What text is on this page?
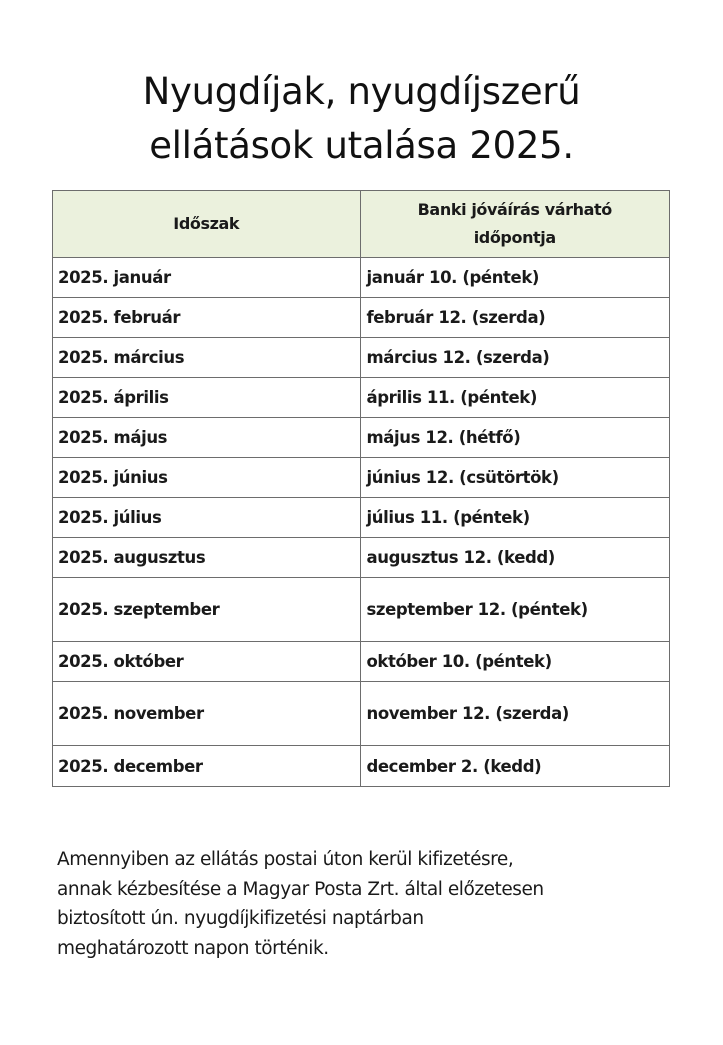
Nyugdíjak, nyugdíjszerű
ellátások utalása 2025.
Időszak	Banki jóváírás várható
időpontja

2025. január	január 10. (péntek)
2025. február	február 12. (szerda)
2025. március	március 12. (szerda)
2025. április	április 11. (péntek)
2025. május	május 12. (hétfő)
2025. június	június 12. (csütörtök)
2025. július	július 11. (péntek)
2025. augusztus	augusztus 12. (kedd)
2025. szeptember	szeptember 12. (péntek)
2025. október	október 10. (péntek)
2025. november	november 12. (szerda)
2025. december	december 2. (kedd)
Amennyiben az ellátás postai úton kerül kifizetésre,
annak kézbesítése a Magyar Posta Zrt. által előzetesen
biztosított ún. nyugdíjkifizetési naptárban
meghatározott napon történik.
